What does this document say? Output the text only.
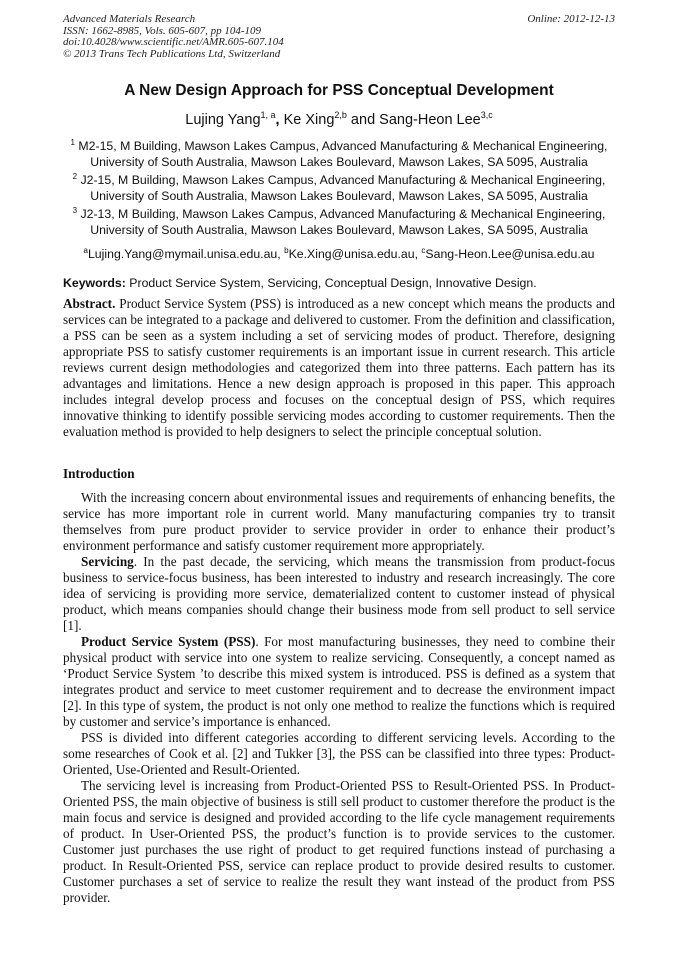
Advanced Materials Research
ISSN: 1662-8985, Vols. 605-607, pp 104-109
doi:10.4028/www.scientific.net/AMR.605-607.104
© 2013 Trans Tech Publications Ltd, Switzerland
Online: 2012-12-13
A New Design Approach for PSS Conceptual Development
Lujing Yang$^{1, a}$, Ke Xing$^{2,b}$ and Sang-Heon Lee$^{3,c}$
$^1$ M2-15, M Building, Mawson Lakes Campus, Advanced Manufacturing & Mechanical Engineering,
University of South Australia, Mawson Lakes Boulevard, Mawson Lakes, SA 5095, Australia
$^2$ J2-15, M Building, Mawson Lakes Campus, Advanced Manufacturing & Mechanical Engineering,
University of South Australia, Mawson Lakes Boulevard, Mawson Lakes, SA 5095, Australia
$^3$ J2-13, M Building, Mawson Lakes Campus, Advanced Manufacturing & Mechanical Engineering,
University of South Australia, Mawson Lakes Boulevard, Mawson Lakes, SA 5095, Australia
$^a$Lujing.Yang@mymail.unisa.edu.au, $^b$Ke.Xing@unisa.edu.au, $^c$Sang-Heon.Lee@unisa.edu.au
Keywords: Product Service System, Servicing, Conceptual Design, Innovative Design.

Abstract. Product Service System (PSS) is introduced as a new concept which means the products and services can be integrated to a package and delivered to customer. From the definition and classification, a PSS can be seen as a system including a set of servicing modes of product. Therefore, designing appropriate PSS to satisfy customer requirements is an important issue in current research. This article reviews current design methodologies and categorized them into three patterns. Each pattern has its advantages and limitations. Hence a new design approach is proposed in this paper. This approach includes integral develop process and focuses on the conceptual design of PSS, which requires innovative thinking to identify possible servicing modes according to customer requirements. Then the evaluation method is provided to help designers to select the principle conceptual solution.

Introduction

With the increasing concern about environmental issues and requirements of enhancing benefits, the service has more important role in current world. Many manufacturing companies try to transit themselves from pure product provider to service provider in order to enhance their product’s environment performance and satisfy customer requirement more appropriately.

Servicing. In the past decade, the servicing, which means the transmission from product-focus business to service-focus business, has been interested to industry and research increasingly. The core idea of servicing is providing more service, dematerialized content to customer instead of physical product, which means companies should change their business mode from sell product to sell service [1].

Product Service System (PSS). For most manufacturing businesses, they need to combine their physical product with service into one system to realize servicing. Consequently, a concept named as ‘Product Service System ’to describe this mixed system is introduced. PSS is defined as a system that integrates product and service to meet customer requirement and to decrease the environment impact [2]. In this type of system, the product is not only one method to realize the functions which is required by customer and service’s importance is enhanced.

PSS is divided into different categories according to different servicing levels. According to the some researches of Cook et al. [2] and Tukker [3], the PSS can be classified into three types: Product-Oriented, Use-Oriented and Result-Oriented.

The servicing level is increasing from Product-Oriented PSS to Result-Oriented PSS. In Product-Oriented PSS, the main objective of business is still sell product to customer therefore the product is the main focus and service is designed and provided according to the life cycle management requirements of product. In User-Oriented PSS, the product’s function is to provide services to the customer. Customer just purchases the use right of product to get required functions instead of purchasing a product. In Result-Oriented PSS, service can replace product to provide desired results to customer. Customer purchases a set of service to realize the result they want instead of the product from PSS provider.
